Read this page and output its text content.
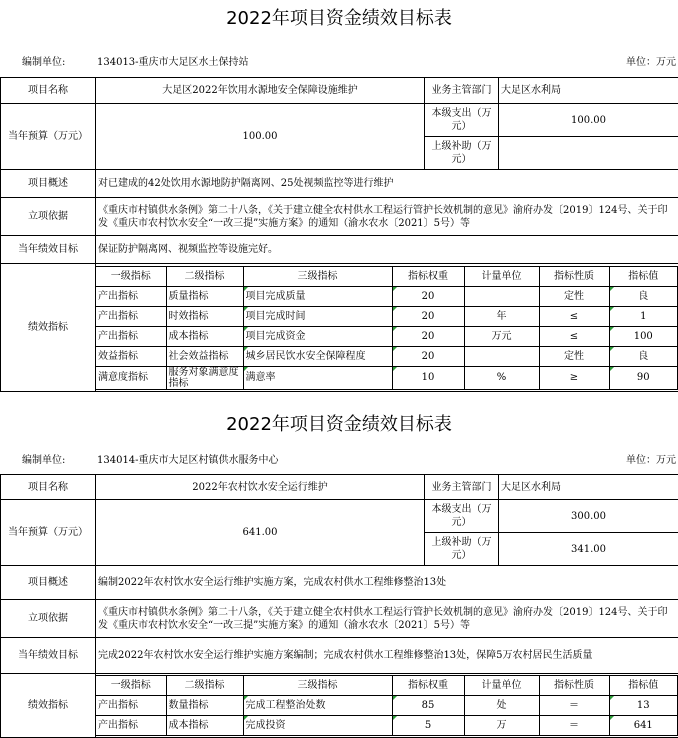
2022年项目资金绩效目标表
编制单位:	134013-重庆市大足区水土保持站	单位：万元
项目名称	大足区2022年饮用水源地安全保障设施维护	业务主管部门	大足区水利局
当年预算（万元）	100.00	本级支出（万元）	100.00
上级补助（万元）	
项目概述	对已建成的42处饮用水源地防护隔离网、25处视频监控等进行维护
立项依据	《重庆市村镇供水条例》第二十八条，《关于建立健全农村供水工程运行管护长效机制的意见》渝府办发〔2019〕124号、关于印发《重庆市农村饮水安全“一改三提”实施方案》的通知（渝水农水〔2021〕5号）等
当年绩效目标	保证防护隔离网、视频监控等设施完好。
绩效指标	
一级指标	二级指标	三级指标	指标权重	计量单位	指标性质	指标值
产出指标	质量指标	项目完成质量	20		定性	良
产出指标	时效指标	项目完成时间	20	年	≤	1
产出指标	成本指标	项目完成资金	20	万元	≤	100
效益指标	社会效益指标	城乡居民饮水安全保障程度	20		定性	良
满意度指标	服务对象满意度指标	满意率	10	%	≥	90
2022年项目资金绩效目标表
编制单位:	134014-重庆市大足区村镇供水服务中心	单位：万元
项目名称	2022年农村饮水安全运行维护	业务主管部门	大足区水利局
当年预算（万元）	641.00	本级支出（万元）	300.00
上级补助（万元）	341.00
项目概述	编制2022年农村饮水安全运行维护实施方案，完成农村供水工程维修整治13处
立项依据	《重庆市村镇供水条例》第二十八条，《关于建立健全农村供水工程运行管护长效机制的意见》渝府办发〔2019〕124号、关于印发《重庆市农村饮水安全“一改三提”实施方案》的通知（渝水农水〔2021〕5号）等
当年绩效目标	完成2022年农村饮水安全运行维护实施方案编制；完成农村供水工程维修整治13处，保障5万农村居民生活质量
绩效指标	
一级指标	二级指标	三级指标	指标权重	计量单位	指标性质	指标值
产出指标	数量指标	完成工程整治处数	85	处	＝	13
产出指标	成本指标	完成投资	5	万	＝	641
